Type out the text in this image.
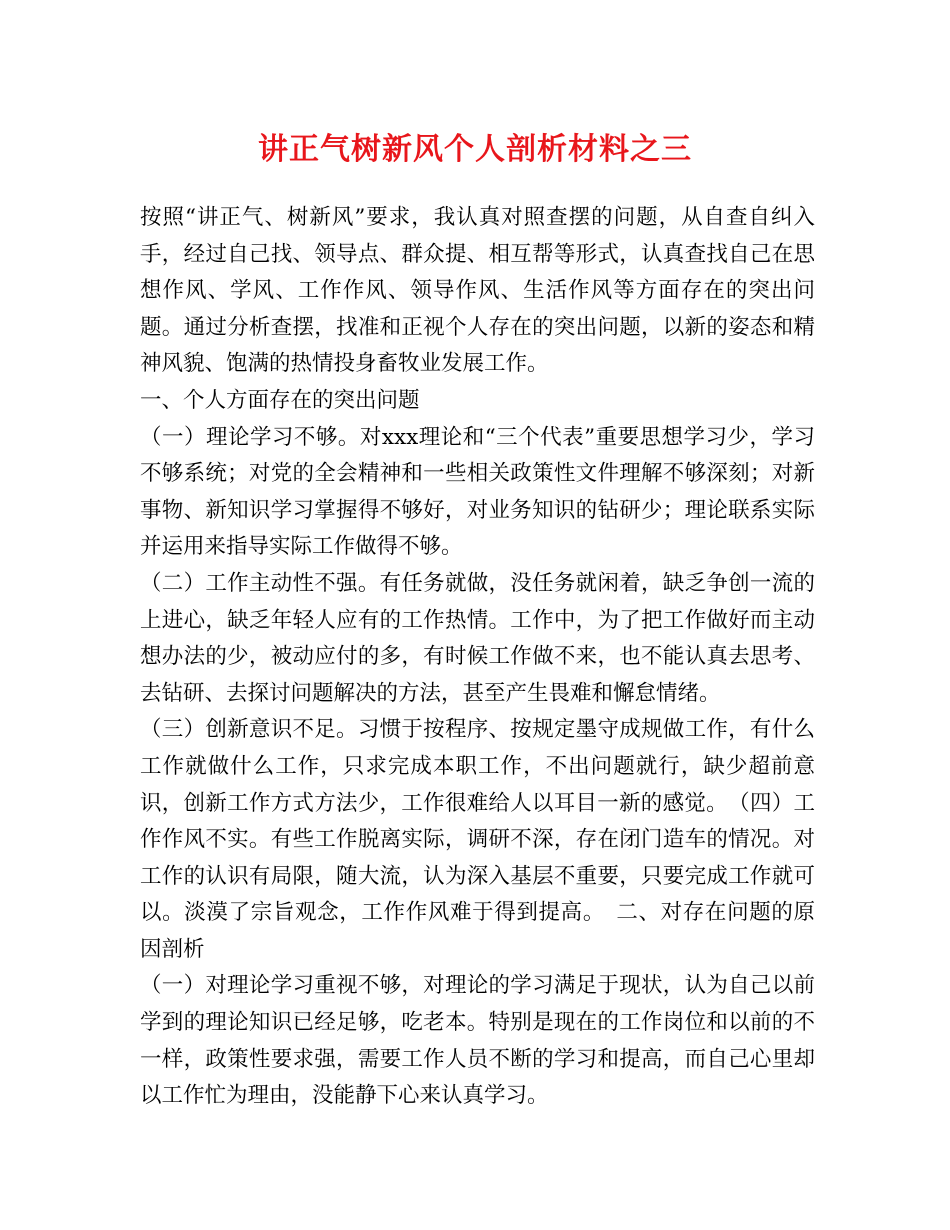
讲正气树新风个人剖析材料之三

按照“讲正气、树新风”要求，我认真对照查摆的问题，从自查自纠入手，经过自己找、领导点、群众提、相互帮等形式，认真查找自己在思想作风、学风、工作作风、领导作风、生活作风等方面存在的突出问题。通过分析查摆，找准和正视个人存在的突出问题，以新的姿态和精神风貌、饱满的热情投身畜牧业发展工作。

一、个人方面存在的突出问题

（一）理论学习不够。对xxx理论和“三个代表”重要思想学习少，学习不够系统；对党的全会精神和一些相关政策性文件理解不够深刻；对新事物、新知识学习掌握得不够好，对业务知识的钻研少；理论联系实际并运用来指导实际工作做得不够。

（二）工作主动性不强。有任务就做，没任务就闲着，缺乏争创一流的上进心，缺乏年轻人应有的工作热情。工作中，为了把工作做好而主动想办法的少，被动应付的多，有时候工作做不来，也不能认真去思考、去钻研、去探讨问题解决的方法，甚至产生畏难和懈怠情绪。

（三）创新意识不足。习惯于按程序、按规定墨守成规做工作，有什么工作就做什么工作，只求完成本职工作，不出问题就行，缺少超前意识，创新工作方式方法少，工作很难给人以耳目一新的感觉。　（四）工作作风不实。有些工作脱离实际，调研不深，存在闭门造车的情况。对工作的认识有局限，随大流，认为深入基层不重要，只要完成工作就可以。淡漠了宗旨观念，工作作风难于得到提高。　二、对存在问题的原因剖析

（一）对理论学习重视不够，对理论的学习满足于现状，认为自己以前学到的理论知识已经足够，吃老本。特别是现在的工作岗位和以前的不一样，政策性要求强，需要工作人员不断的学习和提高，而自己心里却以工作忙为理由，没能静下心来认真学习。
